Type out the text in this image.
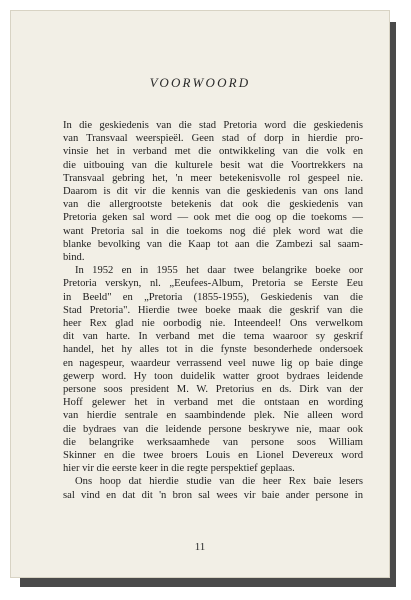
VOORWOORD
In die geskiedenis van die stad Pretoria word die geskiedenis
van Transvaal weerspieël. Geen stad of dorp in hierdie pro-
vinsie het in verband met die ontwikkeling van die volk en
die uitbouing van die kulturele besit wat die Voortrekkers na
Transvaal gebring het, 'n meer betekenisvolle rol gespeel nie.
Daarom is dit vir die kennis van die geskiedenis van ons land
van die allergrootste betekenis dat ook die geskiedenis van
Pretoria geken sal word — ook met die oog op die toekoms —
want Pretoria sal in die toekoms nog dié plek word wat die
blanke bevolking van die Kaap tot aan die Zambezi sal saam-
bind.
In 1952 en in 1955 het daar twee belangrike boeke oor
Pretoria verskyn, nl. „Eeufees-Album, Pretoria se Eerste Eeu
in Beeld" en „Pretoria (1855-1955), Geskiedenis van die
Stad Pretoria". Hierdie twee boeke maak die geskrif van die
heer Rex glad nie oorbodig nie. Inteendeel! Ons verwelkom
dit van harte. In verband met die tema waaroor sy geskrif
handel, het hy alles tot in die fynste besonderhede ondersoek
en nagespeur, waardeur verrassend veel nuwe lig op baie dinge
gewerp word. Hy toon duidelik watter groot bydraes leidende
persone soos president M. W. Pretorius en ds. Dirk van der
Hoff gelewer het in verband met die ontstaan en wording
van hierdie sentrale en saambindende plek. Nie alleen word
die bydraes van die leidende persone beskrywe nie, maar ook
die belangrike werksaamhede van persone soos William
Skinner en die twee broers Louis en Lionel Devereux word
hier vir die eerste keer in die regte perspektief geplaas.
Ons hoop dat hierdie studie van die heer Rex baie lesers
sal vind en dat dit 'n bron sal wees vir baie ander persone in
11
